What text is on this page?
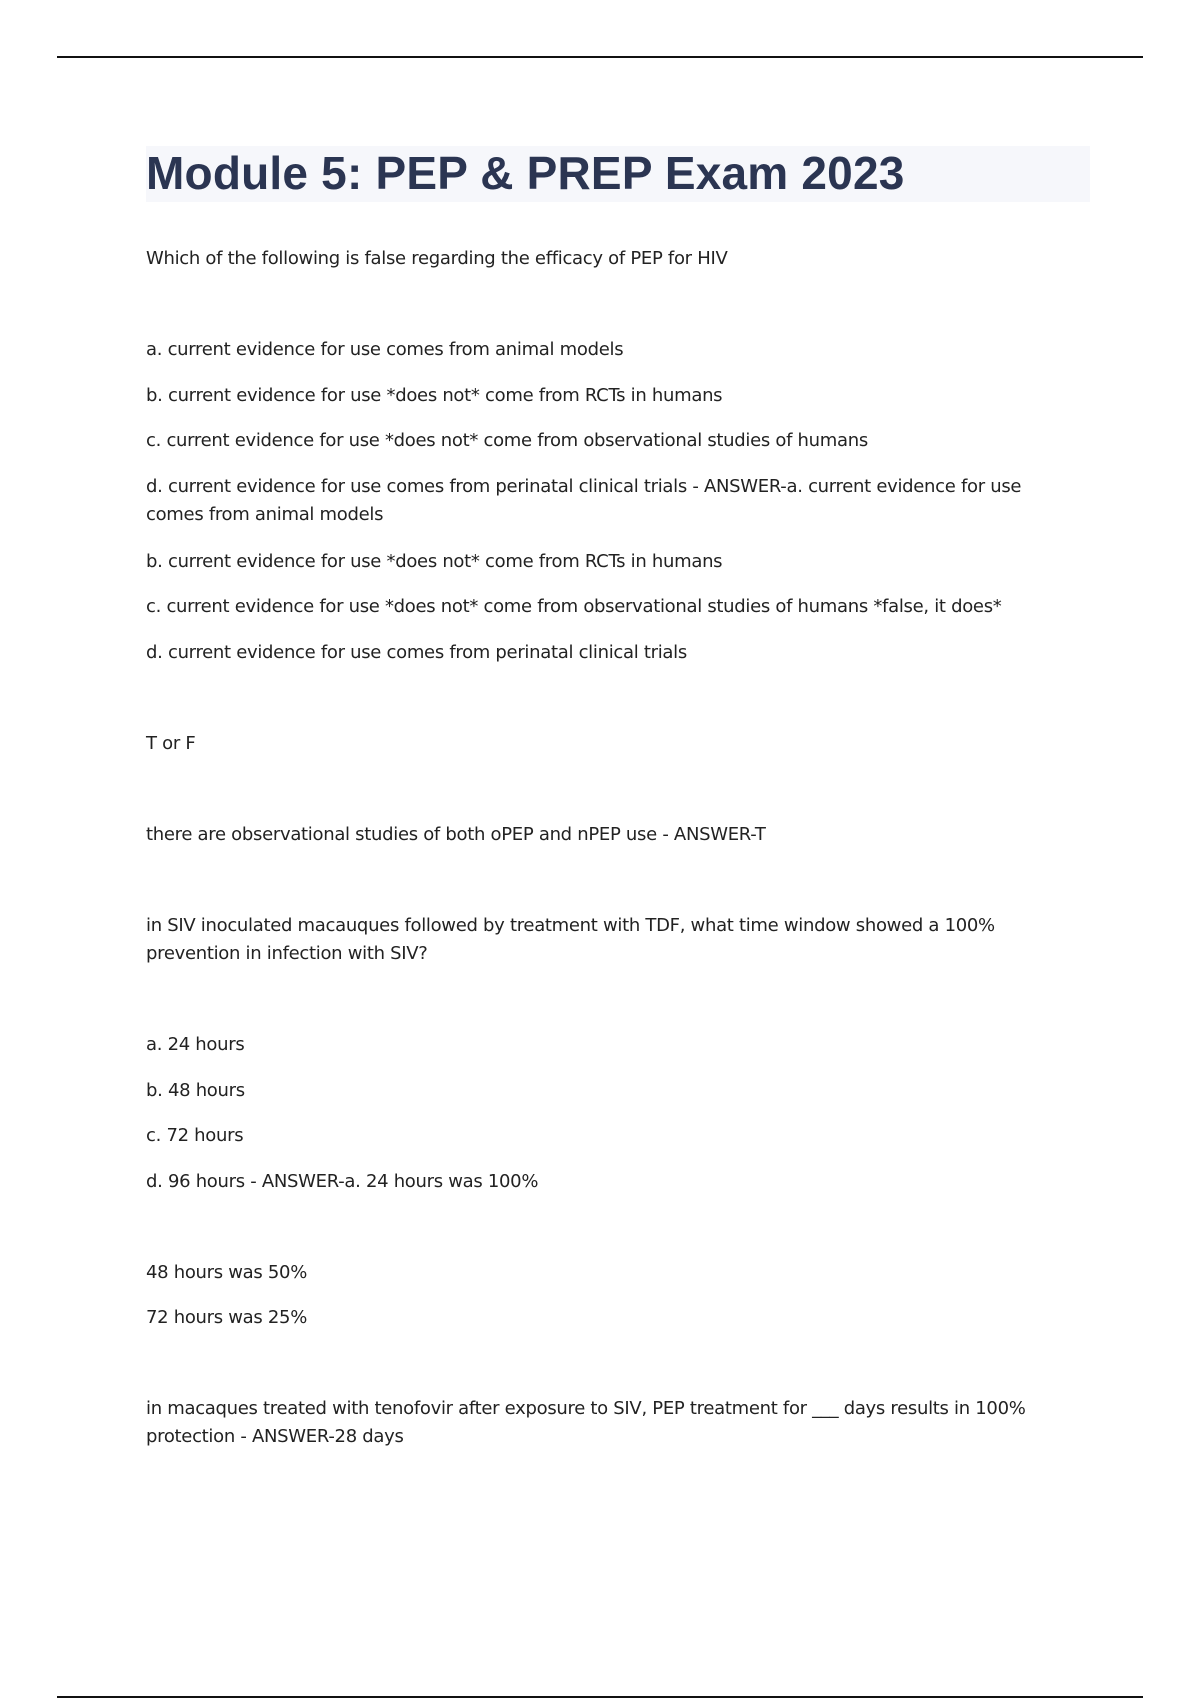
Module 5: PEP & PREP Exam 2023

Which of the following is false regarding the efficacy of PEP for HIV

a. current evidence for use comes from animal models

b. current evidence for use *does not* come from RCTs in humans

c. current evidence for use *does not* come from observational studies of humans

d. current evidence for use comes from perinatal clinical trials - ANSWER-a. current evidence for use comes from animal models

b. current evidence for use *does not* come from RCTs in humans

c. current evidence for use *does not* come from observational studies of humans *false, it does*

d. current evidence for use comes from perinatal clinical trials

T or F

there are observational studies of both oPEP and nPEP use - ANSWER-T

in SIV inoculated macauques followed by treatment with TDF, what time window showed a 100% prevention in infection with SIV?

a. 24 hours

b. 48 hours

c. 72 hours

d. 96 hours - ANSWER-a. 24 hours was 100%

48 hours was 50%

72 hours was 25%

in macaques treated with tenofovir after exposure to SIV, PEP treatment for ___ days results in 100% protection - ANSWER-28 days
